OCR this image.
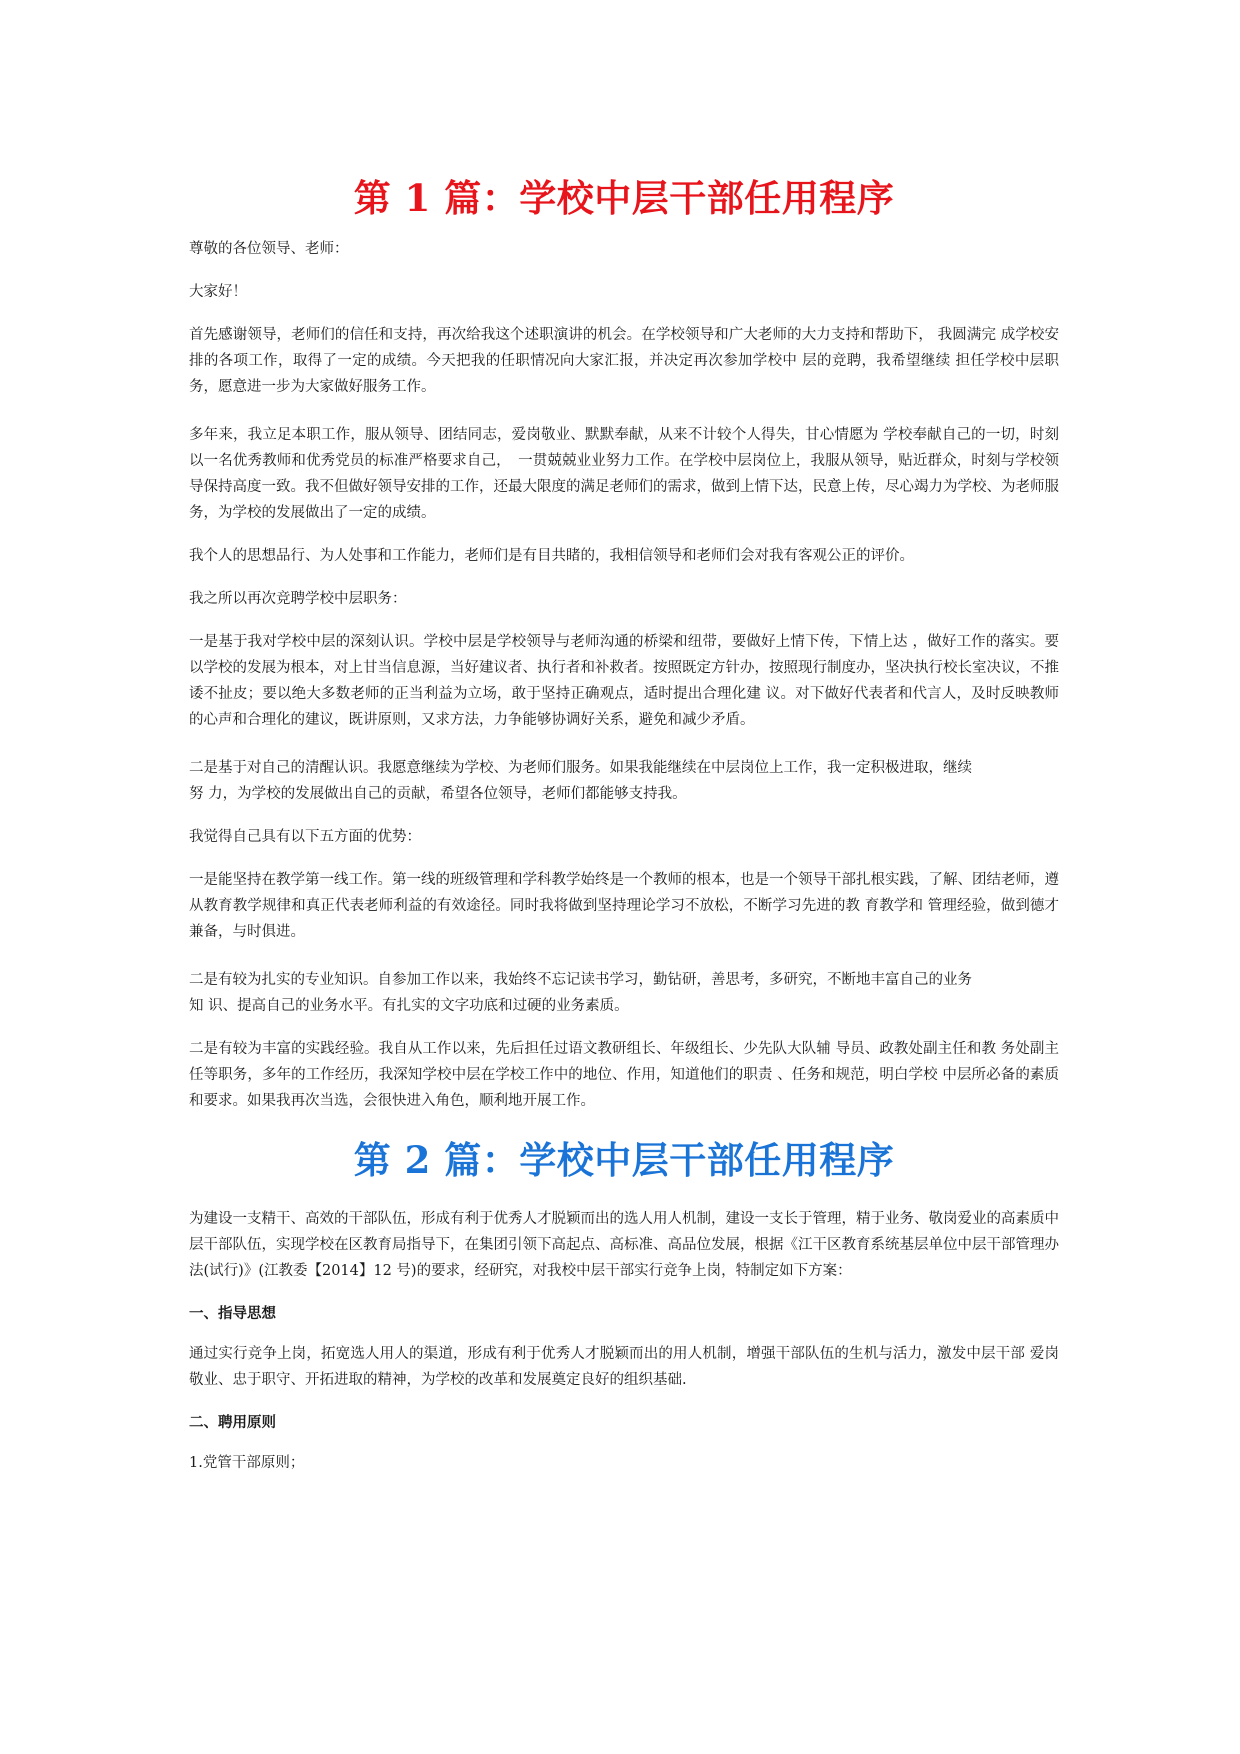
第 1 篇：学校中层干部任用程序

尊敬的各位领导、老师：

大家好！

首先感谢领导，老师们的信任和支持，再次给我这个述职演讲的机会。在学校领导和广大老师的大力支持和帮助下， 我圆满完 成学校安排的各项工作，取得了一定的成绩。今天把我的任职情况向大家汇报，并决定再次参加学校中 层的竞聘，我希望继续 担任学校中层职务，愿意进一步为大家做好服务工作。

多年来，我立足本职工作，服从领导、团结同志，爱岗敬业、默默奉献，从来不计较个人得失，甘心情愿为 学校奉献自己的一切，时刻以一名优秀教师和优秀党员的标准严格要求自己，　一贯兢兢业业努力工作。在学校中层岗位上，我服从领导，贴近群众，时刻与学校领导保持高度一致。我不但做好领导安排的工作，还最大限度的满足老师们的需求，做到上情下达，民意上传，尽心竭力为学校、为老师服务，为学校的发展做出了一定的成绩。

我个人的思想品行、为人处事和工作能力，老师们是有目共睹的，我相信领导和老师们会对我有客观公正的评价。

我之所以再次竞聘学校中层职务：

一是基于我对学校中层的深刻认识。学校中层是学校领导与老师沟通的桥梁和纽带，要做好上情下传，下情上达 ，做好工作的落实。要以学校的发展为根本，对上甘当信息源，当好建议者、执行者和补救者。按照既定方针办，按照现行制度办，坚决执行校长室决议，不推诿不扯皮；要以绝大多数老师的正当利益为立场，敢于坚持正确观点，适时提出合理化建 议。对下做好代表者和代言人，及时反映教师的心声和合理化的建议，既讲原则，又求方法，力争能够协调好关系，避免和减少矛盾。

二是基于对自己的清醒认识。我愿意继续为学校、为老师们服务。如果我能继续在中层岗位上工作，我一定积极进取，继续
努 力，为学校的发展做出自己的贡献，希望各位领导，老师们都能够支持我。

我觉得自己具有以下五方面的优势：

一是能坚持在教学第一线工作。第一线的班级管理和学科教学始终是一个教师的根本，也是一个领导干部扎根实践，了解、团结老师，遵从教育教学规律和真正代表老师利益的有效途径。同时我将做到坚持理论学习不放松，不断学习先进的教 育教学和 管理经验，做到德才兼备，与时俱进。

二是有较为扎实的专业知识。自参加工作以来，我始终不忘记读书学习，勤钻研，善思考，多研究，不断地丰富自己的业务
知 识、提高自己的业务水平。有扎实的文字功底和过硬的业务素质。

二是有较为丰富的实践经验。我自从工作以来，先后担任过语文教研组长、年级组长、少先队大队辅 导员、政教处副主任和教 务处副主任等职务，多年的工作经历，我深知学校中层在学校工作中的地位、作用，知道他们的职责 、任务和规范，明白学校 中层所必备的素质和要求。如果我再次当选，会很快进入角色，顺利地开展工作。

第 2 篇：学校中层干部任用程序

为建设一支精干、高效的干部队伍，形成有利于优秀人才脱颖而出的选人用人机制，建设一支长于管理，精于业务、敬岗爱业的高素质中层干部队伍，实现学校在区教育局指导下，在集团引领下高起点、高标准、高品位发展，根据《江干区教育系统基层单位中层干部管理办法(试行)》(江教委【2014】12 号)的要求，经研究，对我校中层干部实行竞争上岗，特制定如下方案：

一、指导思想

通过实行竞争上岗，拓宽选人用人的渠道，形成有利于优秀人才脱颖而出的用人机制，增强干部队伍的生机与活力，激发中层干部 爱岗敬业、忠于职守、开拓进取的精神，为学校的改革和发展奠定良好的组织基础.

二、聘用原则

1.党管干部原则；
